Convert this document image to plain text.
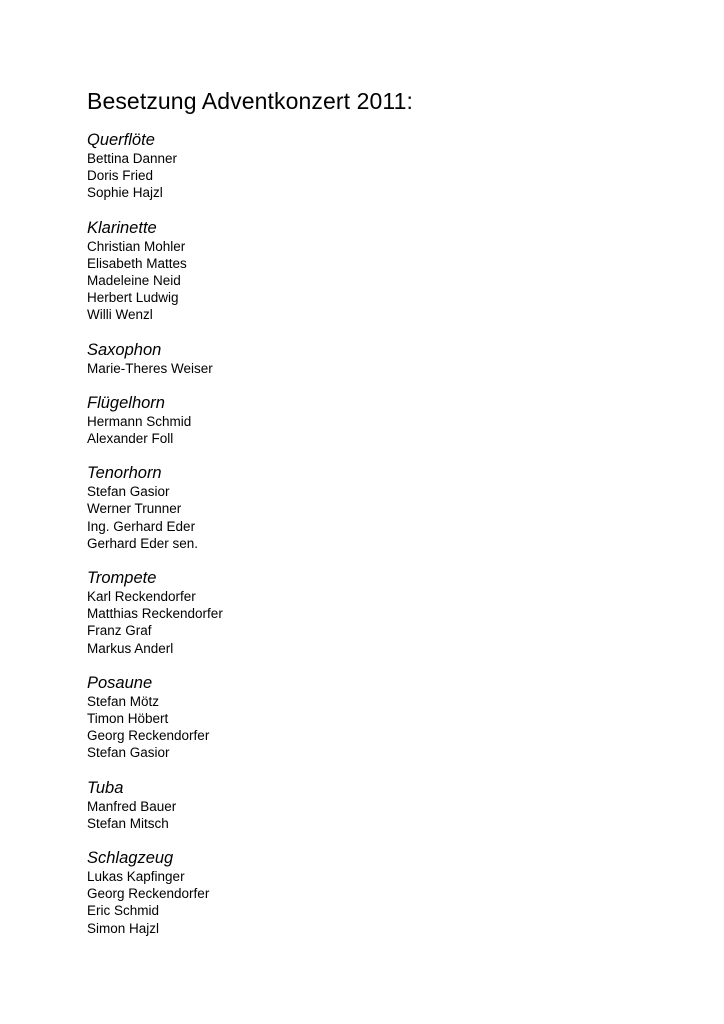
Besetzung Adventkonzert 2011:
Querflöte
Bettina Danner
Doris Fried
Sophie Hajzl
Klarinette
Christian Mohler
Elisabeth Mattes
Madeleine Neid
Herbert Ludwig
Willi Wenzl
Saxophon
Marie-Theres Weiser
Flügelhorn
Hermann Schmid
Alexander Foll
Tenorhorn
Stefan Gasior
Werner Trunner
Ing. Gerhard Eder
Gerhard Eder sen.
Trompete
Karl Reckendorfer
Matthias Reckendorfer
Franz Graf
Markus Anderl
Posaune
Stefan Mötz
Timon Höbert
Georg Reckendorfer
Stefan Gasior
Tuba
Manfred Bauer
Stefan Mitsch
Schlagzeug
Lukas Kapfinger
Georg Reckendorfer
Eric Schmid
Simon Hajzl
